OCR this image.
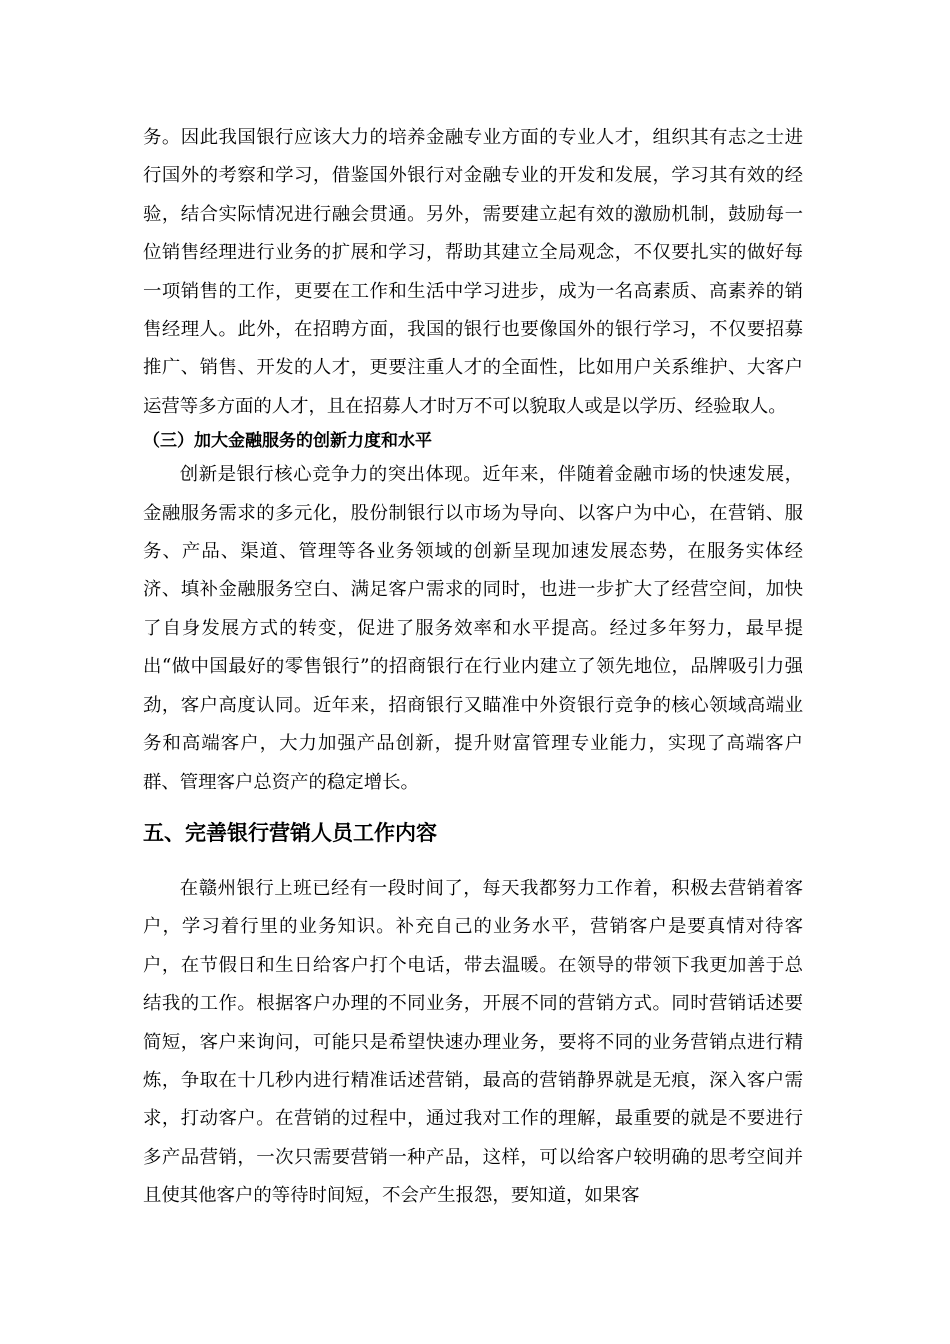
务。因此我国银行应该大力的培养金融专业方面的专业人才，组织其有志之士进行国外的考察和学习，借鉴国外银行对金融专业的开发和发展，学习其有效的经验，结合实际情况进行融会贯通。另外，需要建立起有效的激励机制，鼓励每一位销售经理进行业务的扩展和学习，帮助其建立全局观念，不仅要扎实的做好每一项销售的工作，更要在工作和生活中学习进步，成为一名高素质、高素养的销售经理人。此外，在招聘方面，我国的银行也要像国外的银行学习，不仅要招募推广、销售、开发的人才，更要注重人才的全面性，比如用户关系维护、大客户运营等多方面的人才，且在招募人才时万不可以貌取人或是以学历、经验取人。

（三）加大金融服务的创新力度和水平

创新是银行核心竞争力的突出体现。近年来，伴随着金融市场的快速发展，金融服务需求的多元化，股份制银行以市场为导向、以客户为中心，在营销、服务、产品、渠道、管理等各业务领域的创新呈现加速发展态势，在服务实体经济、填补金融服务空白、满足客户需求的同时，也进一步扩大了经营空间，加快了自身发展方式的转变，促进了服务效率和水平提高。经过多年努力，最早提出“做中国最好的零售银行”的招商银行在行业内建立了领先地位，品牌吸引力强劲，客户高度认同。近年来，招商银行又瞄准中外资银行竞争的核心领域高端业务和高端客户，大力加强产品创新，提升财富管理专业能力，实现了高端客户群、管理客户总资产的稳定增长。

五、完善银行营销人员工作内容

在赣州银行上班已经有一段时间了，每天我都努力工作着，积极去营销着客户，学习着行里的业务知识。补充自己的业务水平，营销客户是要真情对待客户，在节假日和生日给客户打个电话，带去温暖。在领导的带领下我更加善于总结我的工作。根据客户办理的不同业务，开展不同的营销方式。同时营销话述要简短，客户来询问，可能只是希望快速办理业务，要将不同的业务营销点进行精炼，争取在十几秒内进行精准话述营销，最高的营销静界就是无痕，深入客户需求，打动客户。在营销的过程中，通过我对工作的理解，最重要的就是不要进行多产品营销，一次只需要营销一种产品，这样，可以给客户较明确的思考空间并且使其他客户的等待时间短，不会产生报怨，要知道，如果客
